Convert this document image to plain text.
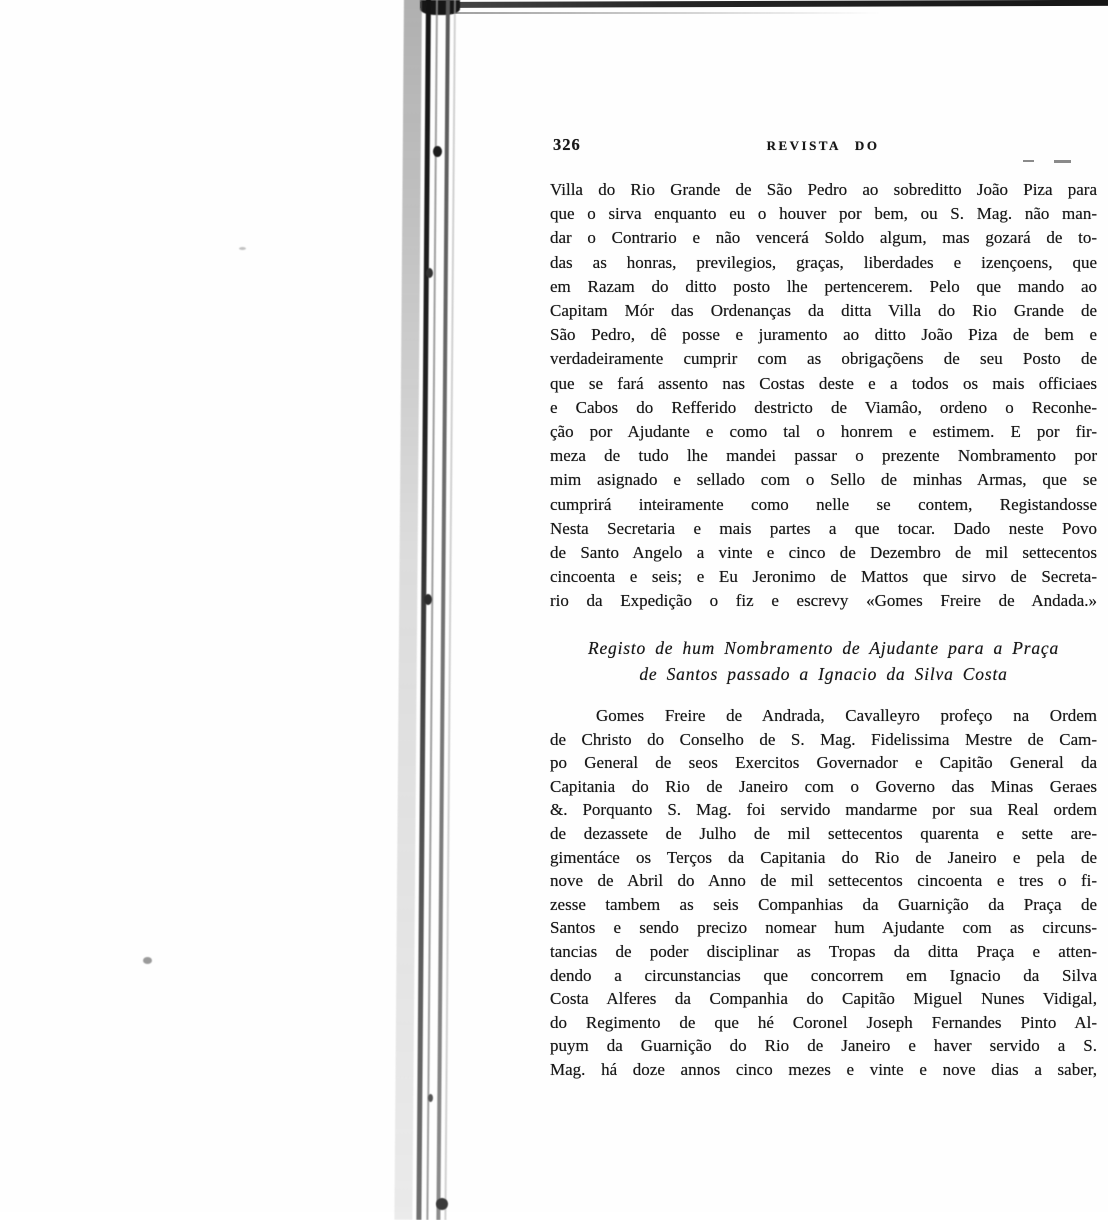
326	REVISTA DO
Villa do Rio Grande de São Pedro ao sobreditto João Piza para
que o sirva enquanto eu o houver por bem, ou S. Mag. não man-
dar o Contrario e não vencerá Soldo algum, mas gozará de to-
das as honras, previlegios, graças, liberdades e izençoens, que
em Razam do ditto posto lhe pertencerem. Pelo que mando ao
Capitam Mór das Ordenanças da ditta Villa do Rio Grande de
São Pedro, dê posse e juramento ao ditto João Piza de bem e
verdadeiramente cumprir com as obrigaçõens de seu Posto de
que se fará assento nas Costas deste e a todos os mais officiaes
e Cabos do Refferido destricto de Viamâo, ordeno o Reconhe-
ção por Ajudante e como tal o honrem e estimem. E por fir-
meza de tudo lhe mandei passar o prezente Nombramento por
mim asignado e sellado com o Sello de minhas Armas, que se
cumprirá inteiramente como nelle se contem, Registandosse
Nesta Secretaria e mais partes a que tocar. Dado neste Povo
de Santo Angelo a vinte e cinco de Dezembro de mil settecentos
cincoenta e seis; e Eu Jeronimo de Mattos que sirvo de Secreta-
rio da Expedição o fiz e escrevy «Gomes Freire de Andada.»
Registo de hum Nombramento de Ajudante para a Praça
de Santos passado a Ignacio da Silva Costa
Gomes Freire de Andrada, Cavalleyro profeço na Ordem
de Christo do Conselho de S. Mag. Fidelissima Mestre de Cam-
po General de seos Exercitos Governador e Capitão General da
Capitania do Rio de Janeiro com o Governo das Minas Geraes
&. Porquanto S. Mag. foi servido mandarme por sua Real ordem
de dezassete de Julho de mil settecentos quarenta e sette are-
gimentáce os Terços da Capitania do Rio de Janeiro e pela de
nove de Abril do Anno de mil settecentos cincoenta e tres o fi-
zesse tambem as seis Companhias da Guarnição da Praça de
Santos e sendo precizo nomear hum Ajudante com as circuns-
tancias de poder disciplinar as Tropas da ditta Praça e atten-
dendo a circunstancias que concorrem em Ignacio da Silva
Costa Alferes da Companhia do Capitão Miguel Nunes Vidigal,
do Regimento de que hé Coronel Joseph Fernandes Pinto Al-
puym da Guarnição do Rio de Janeiro e haver servido a S.
Mag. há doze annos cinco mezes e vinte e nove dias a saber,
